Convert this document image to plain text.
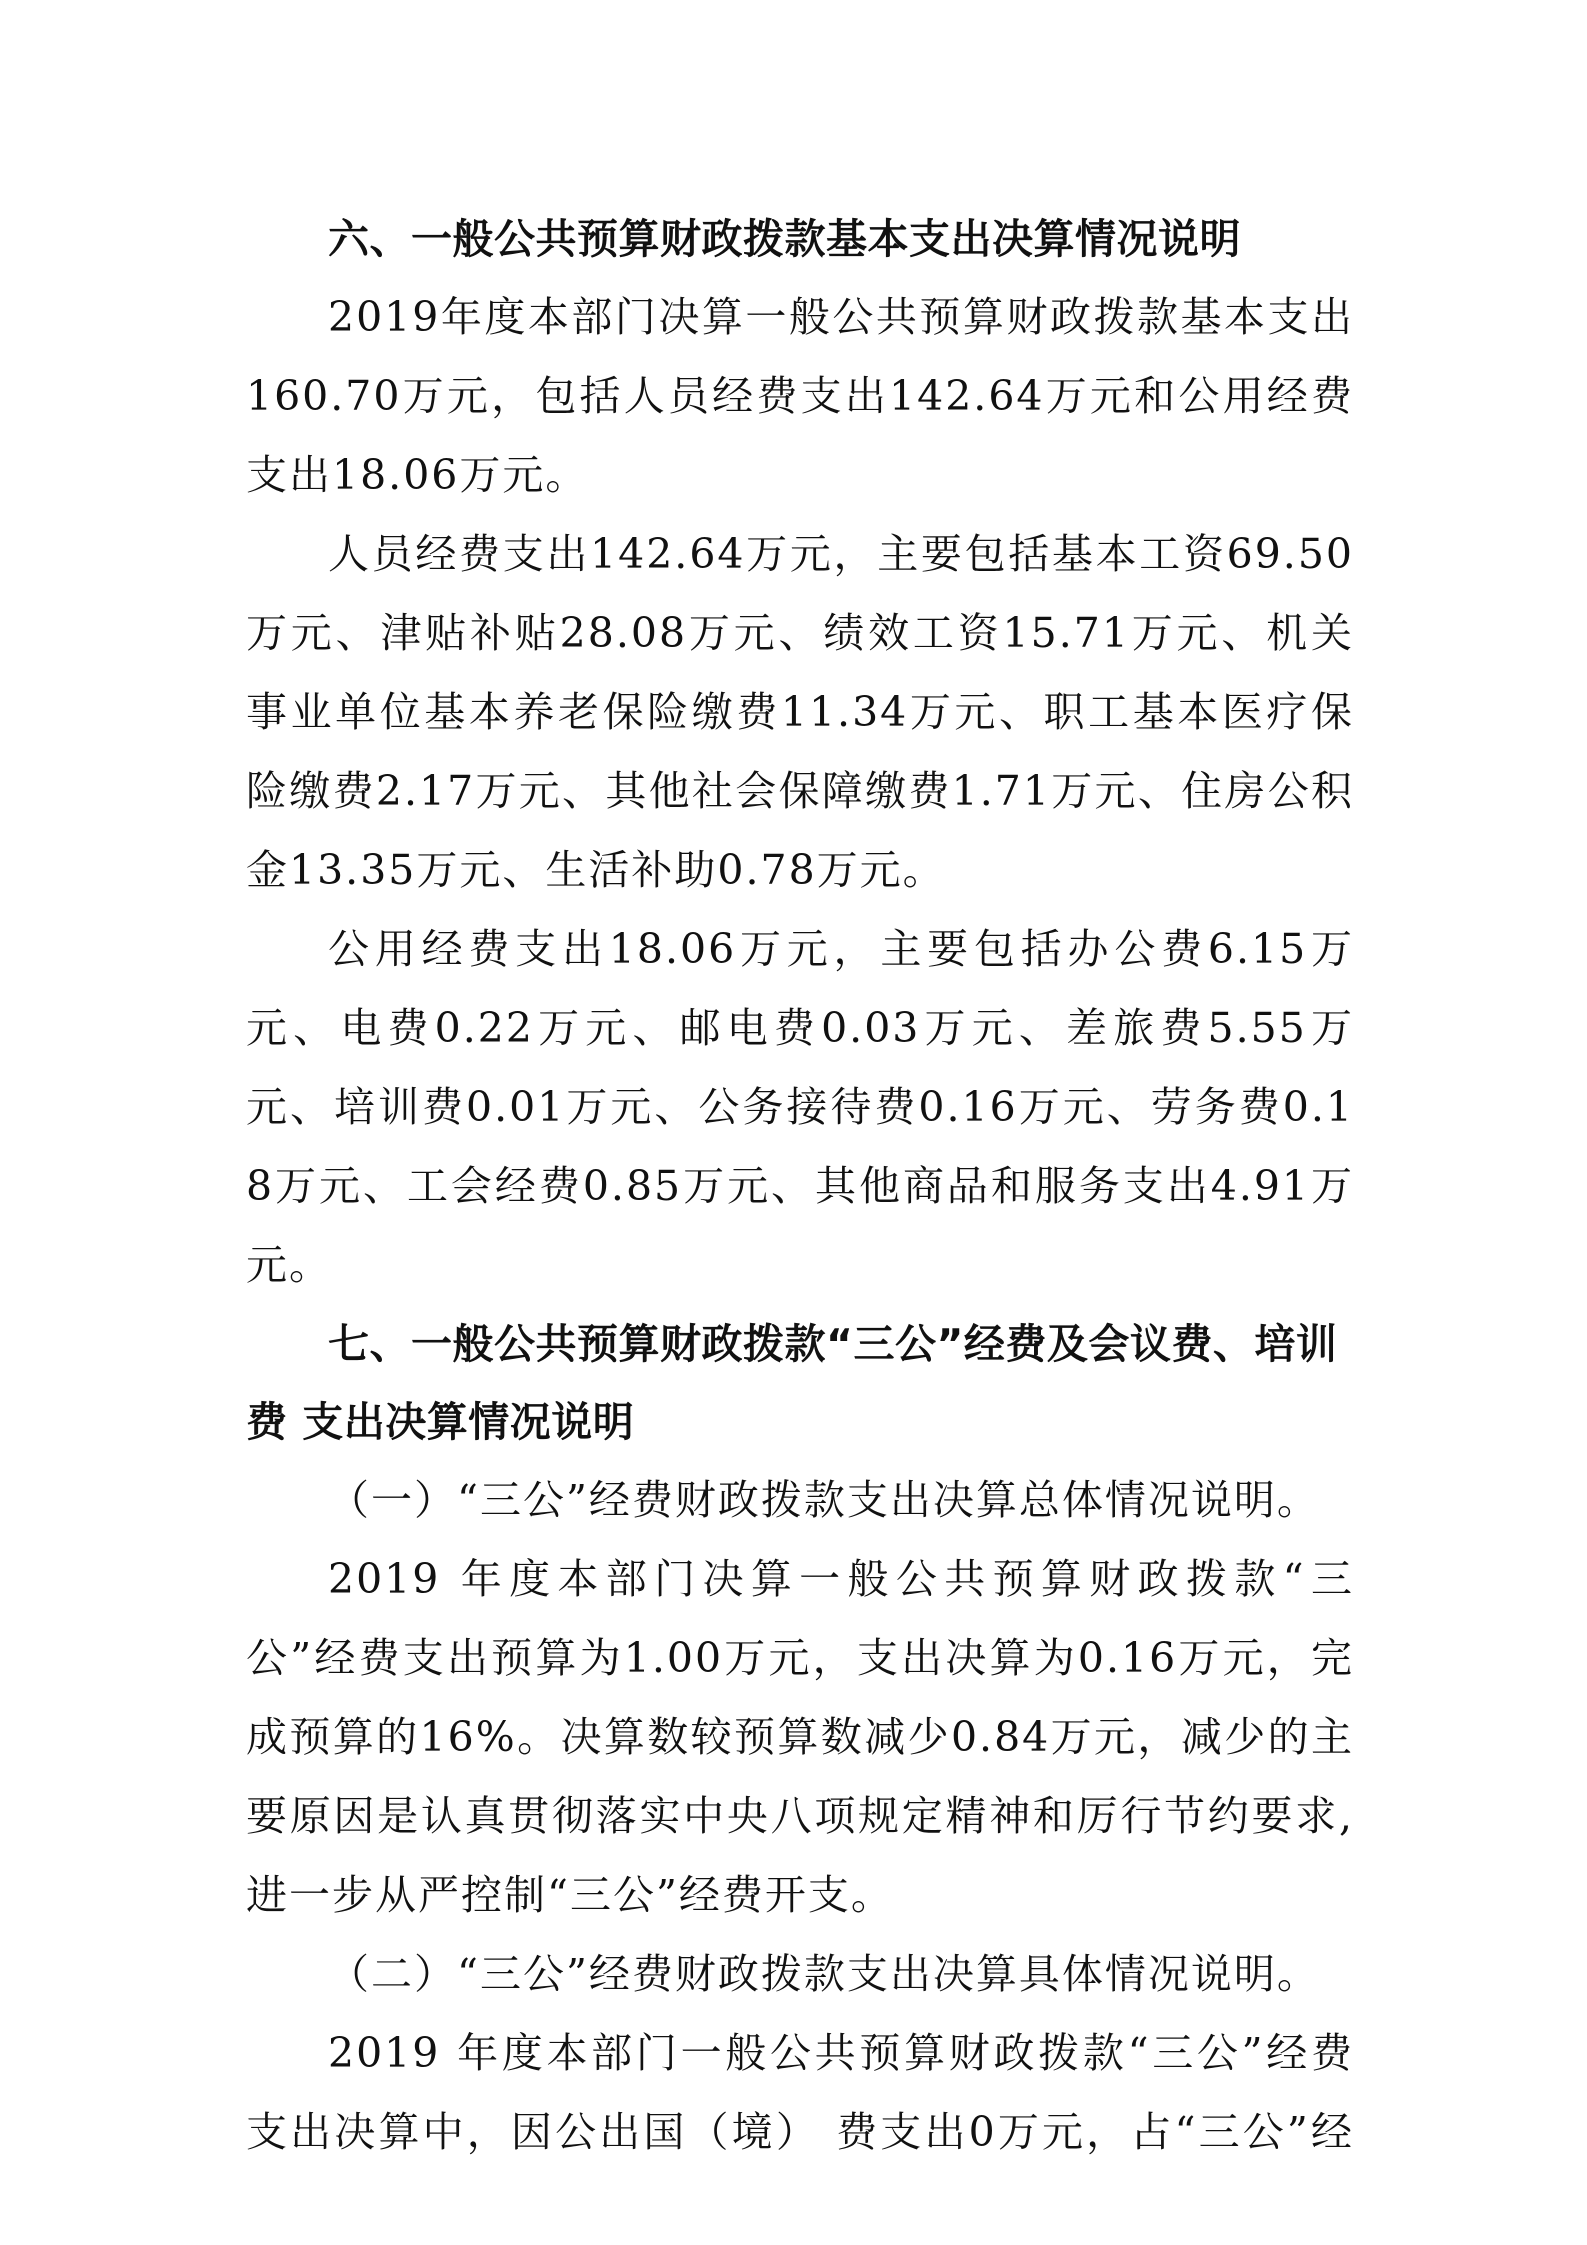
六、一般公共预算财政拨款基本支出决算情况说明

2019年度本部门决算一般公共预算财政拨款基本支出160.70万元，包括人员经费支出142.64万元和公用经费支出18.06万元。

人员经费支出142.64万元，主要包括基本工资69.50万元、津贴补贴28.08万元、绩效工资15.71万元、机关事业单位基本养老保险缴费11.34万元、职工基本医疗保险缴费2.17万元、其他社会保障缴费1.71万元、住房公积金13.35万元、生活补助0.78万元。

公用经费支出18.06万元，主要包括办公费6.15万元、电费0.22万元、邮电费0.03万元、差旅费5.55万元、培训费0.01万元、公务接待费0.16万元、劳务费0.18万元、工会经费0.85万元、其他商品和服务支出4.91万元。

七、一般公共预算财政拨款“三公”经费及会议费、培训费 支出决算情况说明

（一）“三公”经费财政拨款支出决算总体情况说明。

2019 年度本部门决算一般公共预算财政拨款“三公”经费支出预算为1.00万元，支出决算为0.16万元，完成预算的16%。决算数较预算数减少0.84万元，减少的主要原因是认真贯彻落实中央八项规定精神和厉行节约要求,进一步从严控制“三公”经费开支。

（二）“三公”经费财政拨款支出决算具体情况说明。

2019 年度本部门一般公共预算财政拨款“三公”经费支出决算中，因公出国（境） 费支出0万元，占“三公”经
